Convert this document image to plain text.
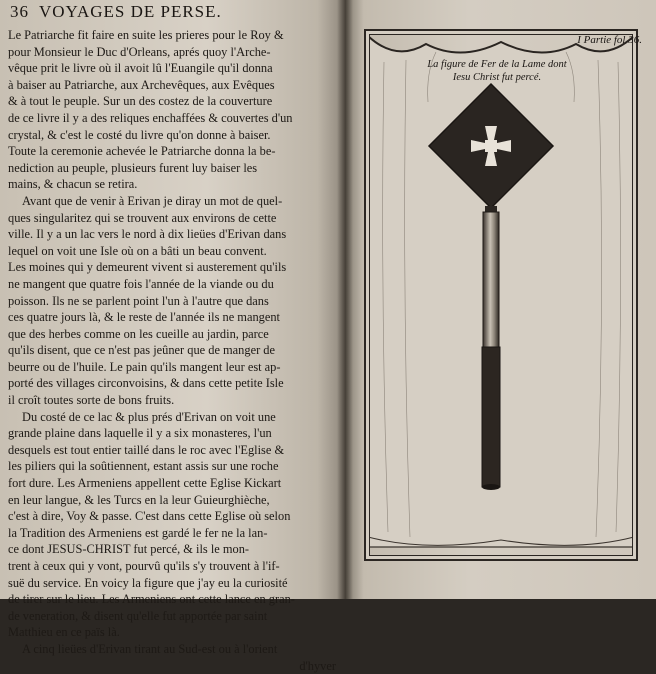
36 VOYAGES DE PERSE.
Le Patriarche fit faire en suite les prieres pour le Roy &
pour Monsieur le Duc d'Orleans, aprés quoy l'Arche-
vêque prit le livre où il avoit lû l'Euangile qu'il donna
à baiser au Patriarche, aux Archevêques, aux Evêques
& à tout le peuple. Sur un des costez de la couverture
de ce livre il y a des reliques enchaffées & couvertes d'un
crystal, & c'est le costé du livre qu'on donne à baiser.
Toute la ceremonie achevée le Patriarche donna la be-
nediction au peuple, plusieurs furent luy baiser les
mains, & chacun se retira.
Avant que de venir à Erivan je diray un mot de quel-
ques singularitez qui se trouvent aux environs de cette
ville. Il y a un lac vers le nord à dix lieües d'Erivan dans
lequel on voit une Isle où on a bâti un beau convent.
Les moines qui y demeurent vivent si austerement qu'ils
ne mangent que quatre fois l'année de la viande ou du
poisson. Ils ne se parlent point l'un à l'autre que dans
ces quatre jours là, & le reste de l'année ils ne mangent
que des herbes comme on les cueille au jardin, parce
qu'ils disent, que ce n'est pas jeûner que de manger de
beurre ou de l'huile. Le pain qu'ils mangent leur est ap-
porté des villages circonvoisins, & dans cette petite Isle
il croît toutes sorte de bons fruits.
Du costé de ce lac & plus prés d'Erivan on voit une
grande plaine dans laquelle il y a six monasteres, l'un
desquels est tout entier taillé dans le roc avec l'Eglise &
les piliers qui la soûtiennent, estant assis sur une roche
fort dure. Les Armeniens appellent cette Eglise Kickart
en leur langue, & les Turcs en la leur Guieurghièche,
c'est à dire, Voy & passe. C'est dans cette Eglise où selon
la Tradition des Armeniens est gardé le fer ne la lan-
ce dont JESUS-CHRIST fut percé, & ils le mon-
trent à ceux qui y vont, pourvû qu'ils s'y trouvent à l'if-
suë du service. En voicy la figure que j'ay eu la curiosité
de tirer sur le lieu. Les Armeniens ont cette lance en gran-
de veneration, & disent qu'elle fut apportée par saint
Matthieu en ce païs là.
A cinq lieües d'Erivan tirant au Sud-est ou à l'orient
d'hyver
I Partie fol 36.
La figure de Fer de la Lame dont
Iesu Christ fut percé.
